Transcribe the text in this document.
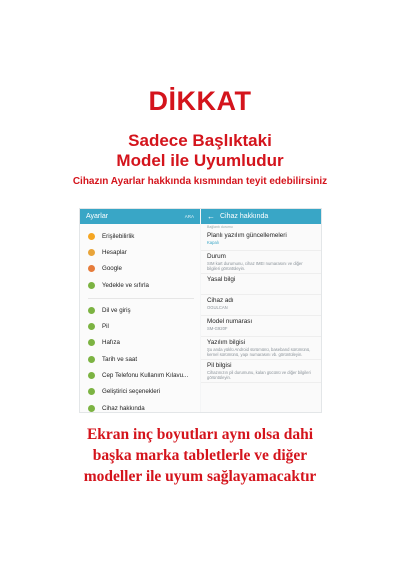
DİKKAT
Sadece Başlıktaki
Model ile Uyumludur
Cihazın Ayarlar hakkında kısmından teyit edebilirsiniz
Ayarlar	ARA
Erişilebilirlik
Hesaplar
Google
Yedekle ve sıfırla
Dil ve giriş
Pil
Hafıza
Tarih ve saat
Cep Telefonu Kullanım Kılavu...
Geliştirici seçenekleri
Cihaz hakkında
← Cihaz hakkında
Bağlantı durumu
Planlı yazılım güncellemeleri
Kapalı
Durum
SIM kart durumunu, cihaz IMEI numarasını ve diğer bilgileri görüntüleyin.
Yasal bilgi
Cihaz adı
OGULCAN
Model numarası
SM-G920F
Yazılım bilgisi
Şu anda yüklü Android sürümünü, baseband sürümünü, kernel sürümünü, yapı numarasını vb. görüntüleyin.
Pil bilgisi
Cihazınızın pil durumunu, kalan gücünü ve diğer bilgileri görüntüleyin.
Ekran inç boyutları aynı olsa dahi
başka marka tabletlerle ve diğer
modeller ile uyum sağlayamacaktır
